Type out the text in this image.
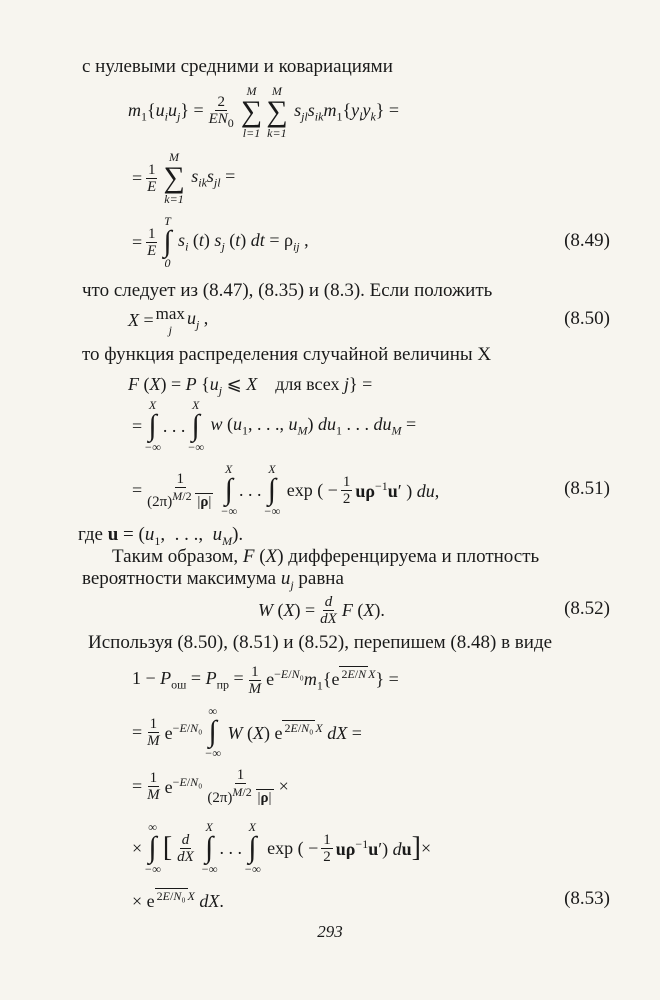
с нулевыми средними и ковариациями
$m_1\{u_iu_j\} = \frac{2}{EN_0}$
M
∑
l=1
M
∑
k=1
$s_{jl}s_{ik}m_1\{y_ly_k\}$ =
= $\frac{1}{E}$
M
∑
k=1
$s_{ik}s_{jl}$ =
= $\frac{1}{E}$
T
∫
0
$s_i$ (t) $s_j$ (t) dt = $\rho_{ij}$ ,	(8.49)
что следует из (8.47), (8.35) и (8.3). Если положить
X = max
j
$u_j$ ,	(8.50)
то функция распределения случайной величины X
F (X) = P {$u_j$ ⩽ X    для всех j} =
=
X
∫
−∞
. . .
X
∫
−∞
w ($u_1$, . . ., $u_M$) $du_1$ . . . $du_M$ =
= $\frac{1}{(2\pi)^{M/2} |\rho|}$
X
∫
−∞
. . .
X
∫
−∞
exp ( − $\frac{1}{2} u\rho^{-1}u'$ ) du,	(8.51)
где $u = (u_1$,  . . .,  $u_M$).
Таким образом, F (X) дифференцируема и плотность
вероятности максимума $u_j$ равна
W $(X) = \frac{d}{dX}$ F (X).	(8.52)
Используя (8.50), (8.51) и (8.52), перепишем (8.48) в виде
$1 - P_{ош} = P_{пр} = \frac{1}{M} e^{-E/N_0}m_1\{e$ $^{2E/N X}$} =
= $\frac{1}{M} e^{-E/N_0}$
∞
∫
−∞
W (X) e $^{2E/N_0 X}$ dX =
= $\frac{1}{M} e^{-E/N_0} \frac{1}{(2\pi)^{M/2} |\rho|}$ ×
×
∞
∫
−∞
[ $\frac{d}{dX}$
X
∫
−∞
. . .
X
∫
−∞
exp ( − $\frac{1}{2} u\rho^{-1}u'$) du ] ×
× e $^{2E/N_0 X}$ dX.	(8.53)
293
